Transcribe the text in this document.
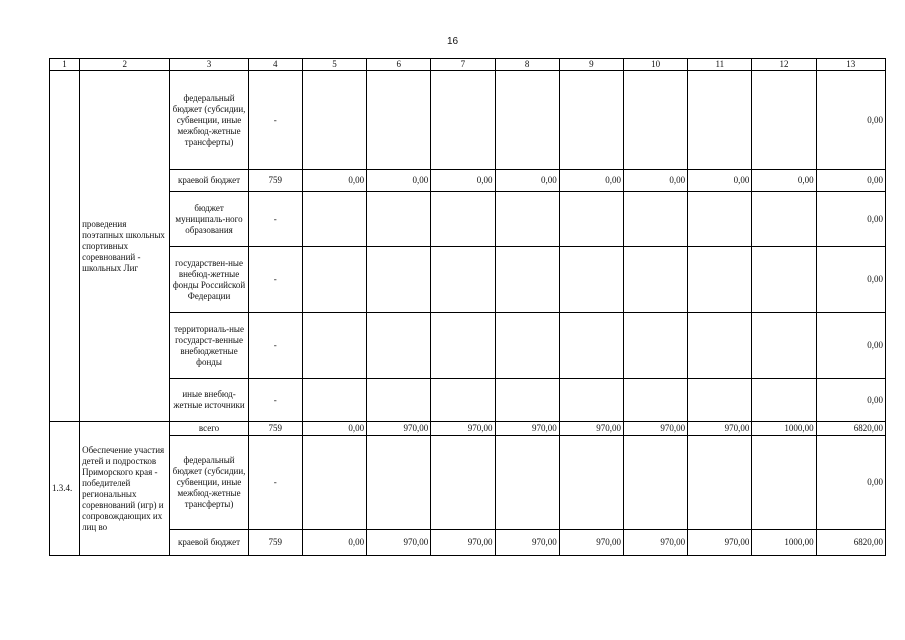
16
1	2	3	4	5	6	7	8	9	10	11	12	13
	проведения поэтапных школьных спортивных соревнований - школьных Лиг	федеральный бюджет (субсидии, субвенции, иные межбюд-жетные трансферты)	-									0,00
		краевой бюджет	759	0,00	0,00	0,00	0,00	0,00	0,00	0,00	0,00	0,00
		бюджет муниципаль-ного образования	-									0,00
		государствен-ные внебюд-жетные фонды Российской Федерации	-									0,00
		территориаль-ные государст-венные внебюджетные фонды	-									0,00
		иные внебюд-жетные источники	-									0,00
1.3.4.	Обеспечение участия детей и подростков Приморского края - победителей региональных соревнований (игр) и сопровождающих их лиц во	всего	759	0,00	970,00	970,00	970,00	970,00	970,00	970,00	1000,00	6820,00
		федеральный бюджет (субсидии, субвенции, иные межбюд-жетные трансферты)	-									0,00
		краевой бюджет	759	0,00	970,00	970,00	970,00	970,00	970,00	970,00	1000,00	6820,00
